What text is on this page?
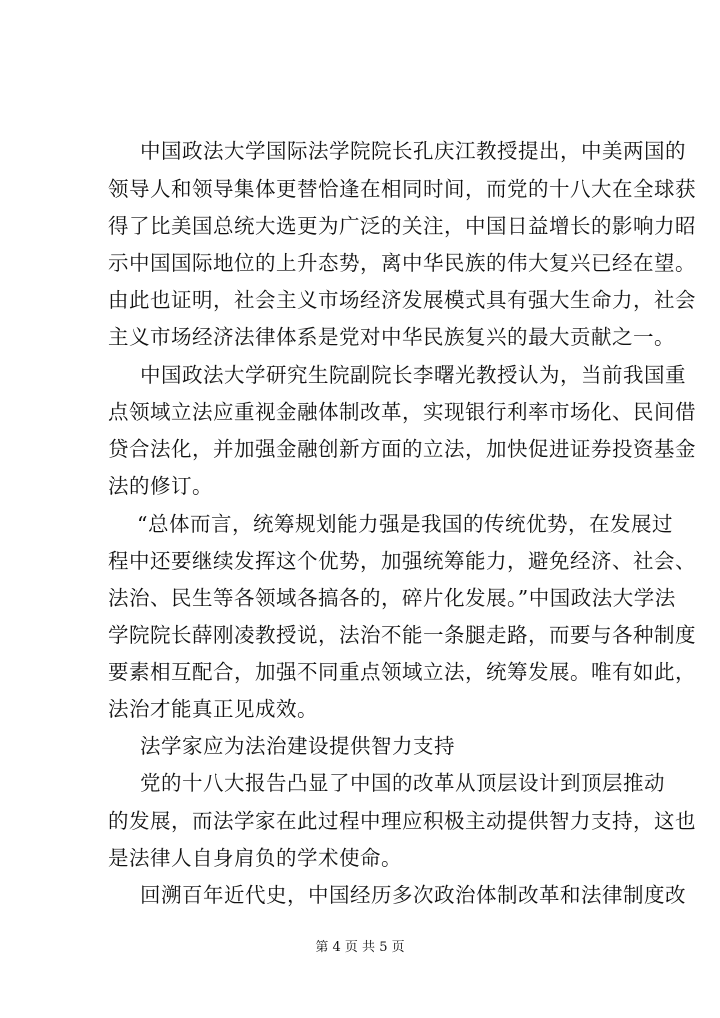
中国政法大学国际法学院院长孔庆江教授提出，中美两国的
领导人和领导集体更替恰逢在相同时间，而党的十八大在全球获
得了比美国总统大选更为广泛的关注，中国日益增长的影响力昭
示中国国际地位的上升态势，离中华民族的伟大复兴已经在望。
由此也证明，社会主义市场经济发展模式具有强大生命力，社会
主义市场经济法律体系是党对中华民族复兴的最大贡献之一。
中国政法大学研究生院副院长李曙光教授认为，当前我国重
点领域立法应重视金融体制改革，实现银行利率市场化、民间借
贷合法化，并加强金融创新方面的立法，加快促进证券投资基金
法的修订。
“总体而言，统筹规划能力强是我国的传统优势，在发展过
程中还要继续发挥这个优势，加强统筹能力，避免经济、社会、
法治、民生等各领域各搞各的，碎片化发展。”中国政法大学法
学院院长薛刚凌教授说，法治不能一条腿走路，而要与各种制度
要素相互配合，加强不同重点领域立法，统筹发展。唯有如此，
法治才能真正见成效。
法学家应为法治建设提供智力支持
党的十八大报告凸显了中国的改革从顶层设计到顶层推动
的发展，而法学家在此过程中理应积极主动提供智力支持，这也
是法律人自身肩负的学术使命。
回溯百年近代史，中国经历多次政治体制改革和法律制度改
第 4 页 共 5 页
